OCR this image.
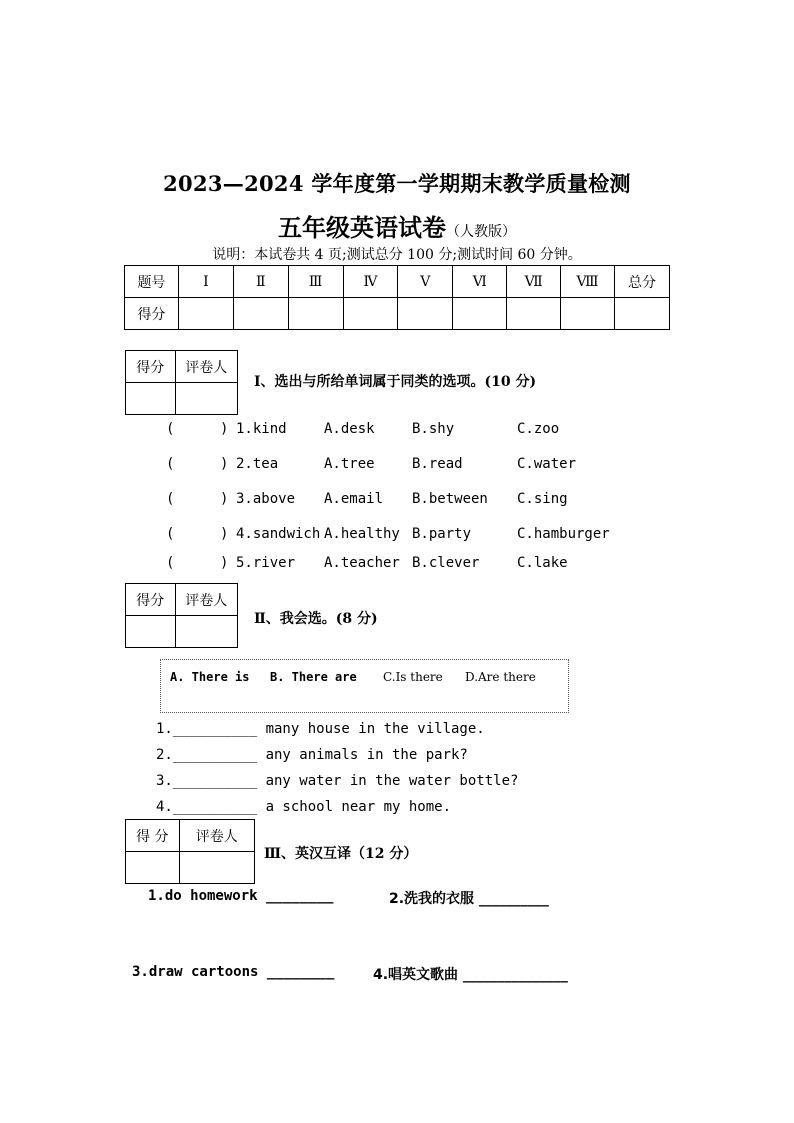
2023—2024 学年度第一学期期末教学质量检测
五年级英语试卷（人教版）
说明：本试卷共 4 页;测试总分 100 分;测试时间 60 分钟。
题号	Ⅰ	Ⅱ	Ⅲ	Ⅳ	Ⅴ	Ⅵ	Ⅶ	Ⅷ	总分
得分									
得分	评卷人

Ⅰ、选出与所给单词属于同类的选项。(10 分)
(	) 1.kind	A.desk	B.shy	C.zoo
(	) 2.tea	A.tree	B.read	C.water
(	) 3.above A.email B.between C.sing
(	) 4.sandwich A.healthy B.party	C.hamburger
(	) 5.river A.teacher B.clever	C.lake
得分	评卷人

Ⅱ、我会选。(8 分)
A. There is B. There are C.Is there D.Are there
1.__________ many house in the village.
2.__________ any animals in the park?
3.__________ any water in the water bottle?
4.__________ a school near my home.
得 分	评卷人

Ⅲ、英汉互译（12 分）
1.do homework ________	2.洗我的衣服 __________
3.draw cartoons ________	4.唱英文歌曲 _______________
